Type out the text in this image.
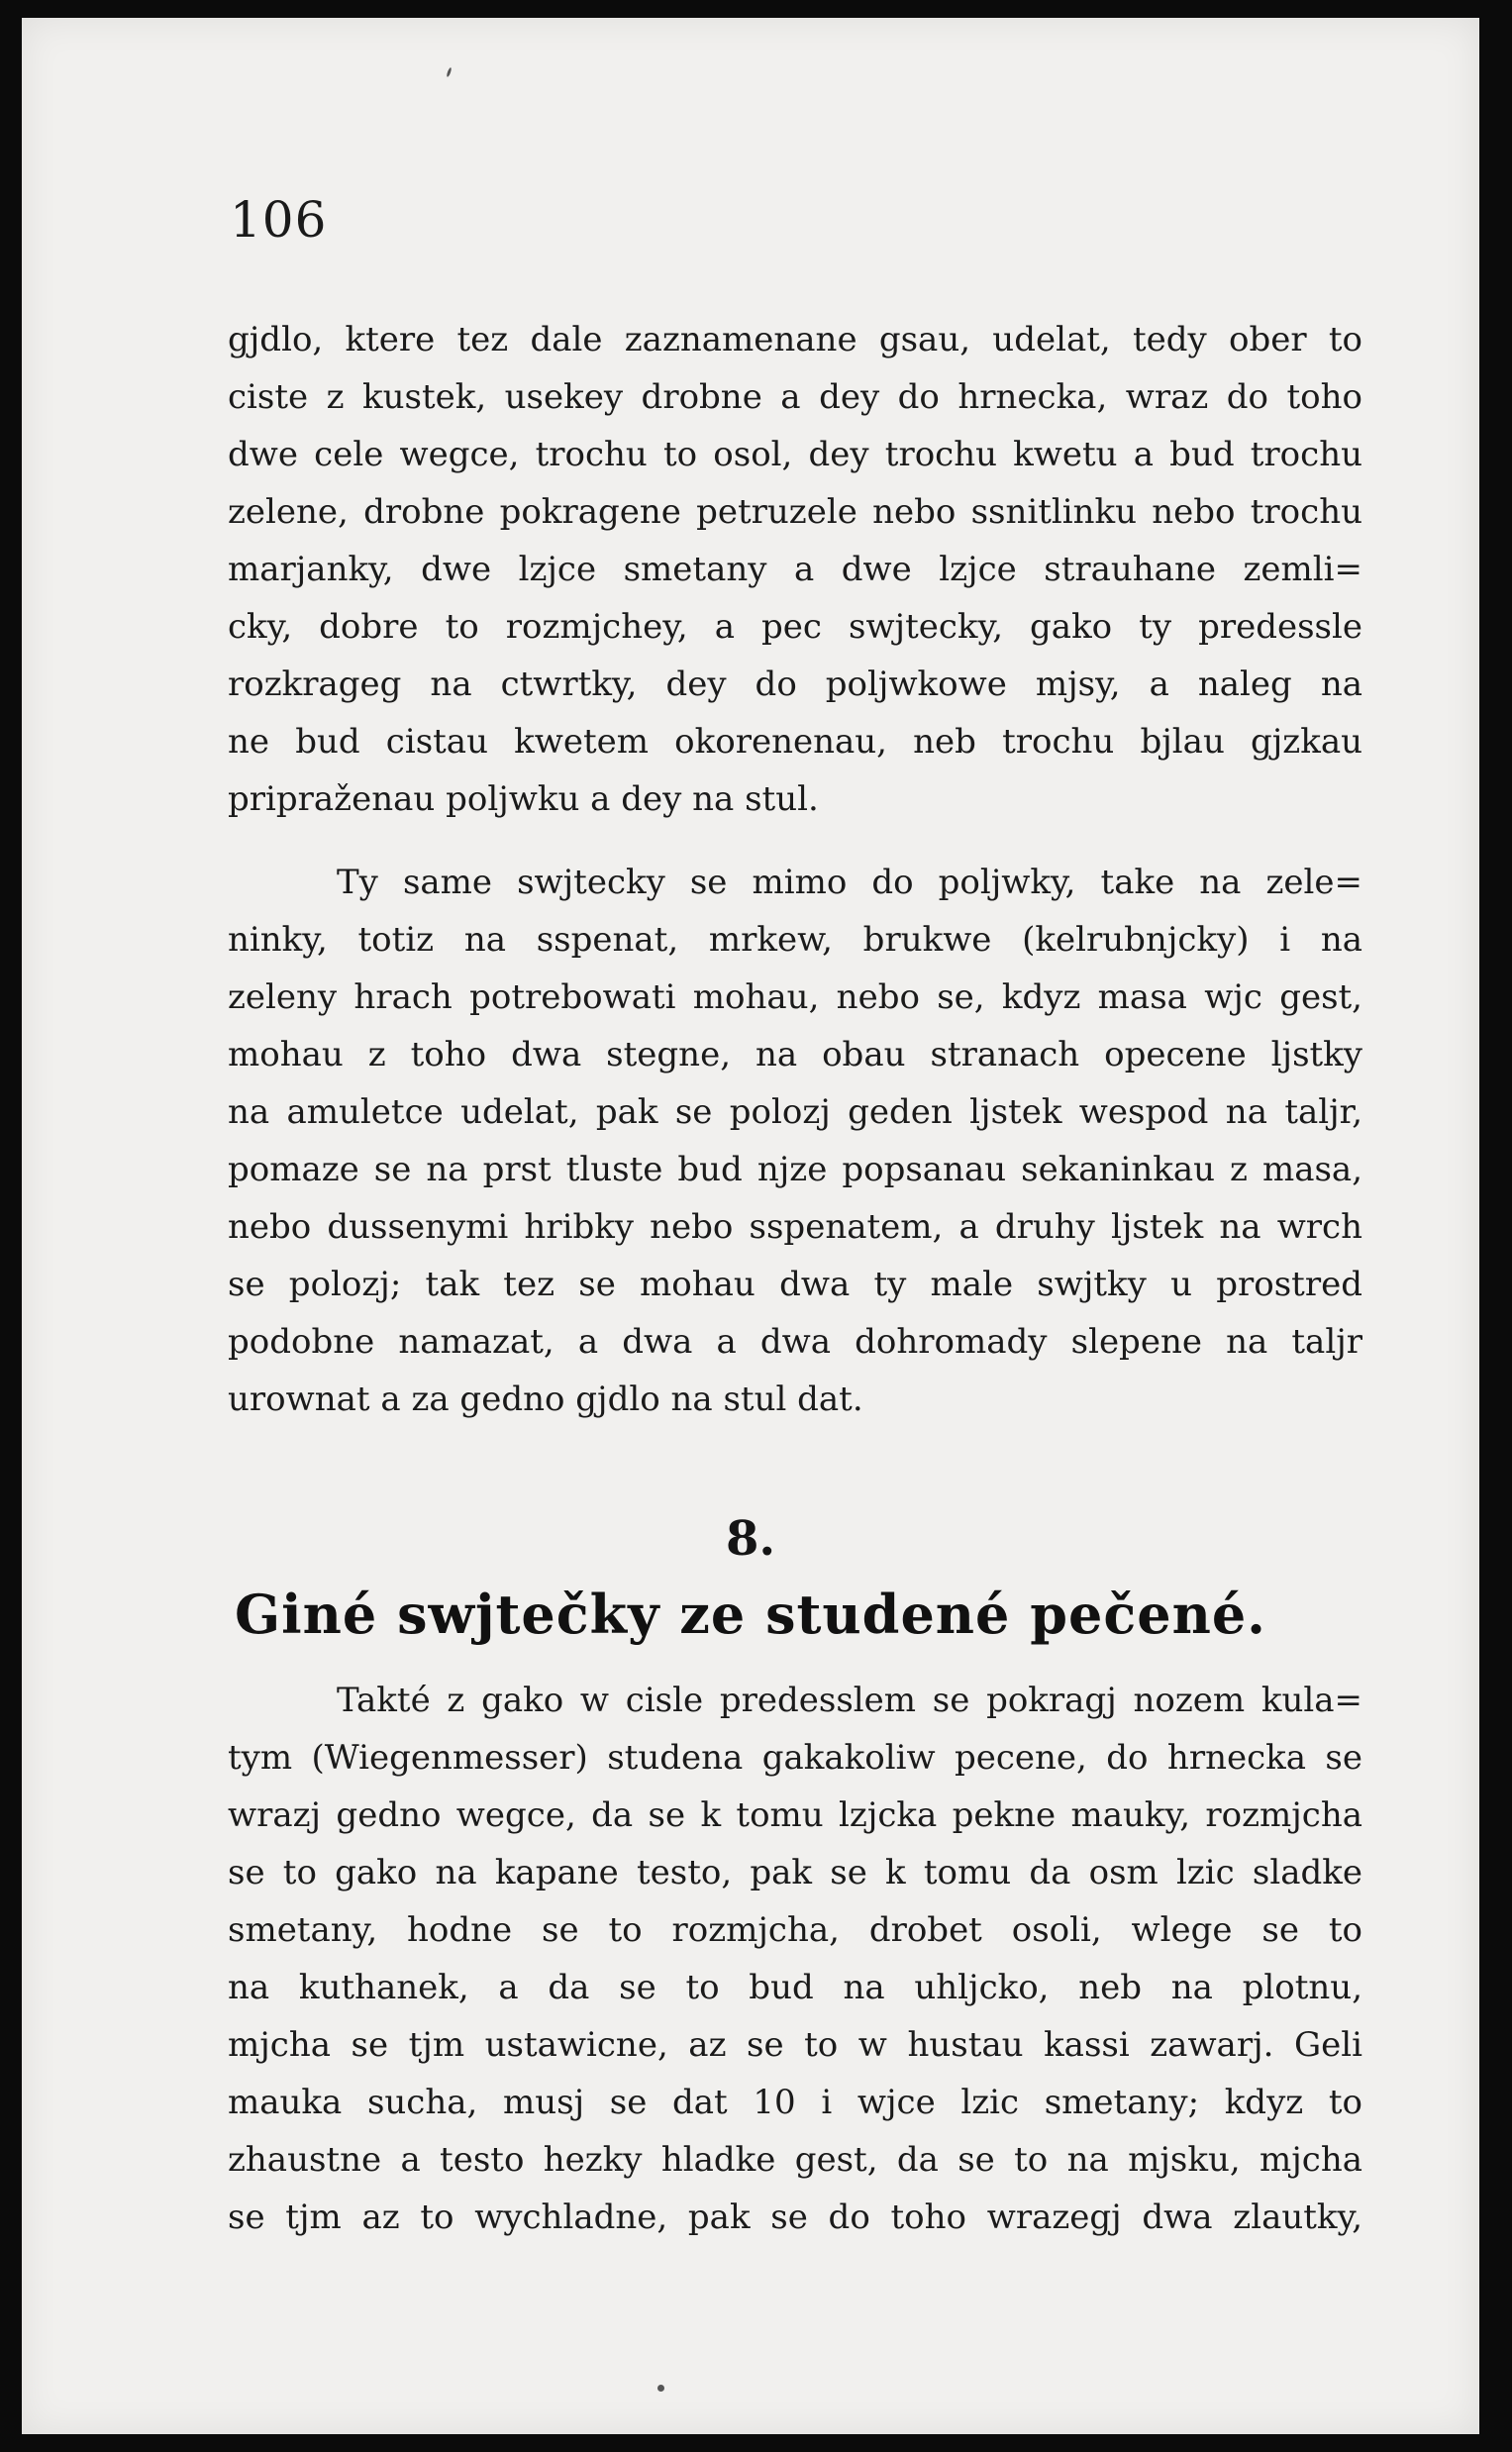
106
gjdlo, ktere tez dale zaznamenane gsau, udelat, tedy ober to
ciste z kustek, usekey drobne a dey do hrnecka, wraz do toho
dwe cele wegce, trochu to osol, dey trochu kwetu a bud trochu
zelene, drobne pokragene petruzele nebo ssnitlinku nebo trochu
marjanky, dwe lzjce smetany a dwe lzjce strauhane zemli=
cky, dobre to rozmjchey, a pec swjtecky, gako ty predessle
rozkrageg na ctwrtky, dey do poljwkowe mjsy, a naleg na
ne bud cistau kwetem okorenenau, neb trochu bjlau gjzkau
pripraženau poljwku a dey na stul.
Ty same swjtecky se mimo do poljwky, take na zele=
ninky, totiz na sspenat, mrkew, brukwe (kelrubnjcky) i na
zeleny hrach potrebowati mohau, nebo se, kdyz masa wjc gest,
mohau z toho dwa stegne, na obau stranach opecene ljstky
na amuletce udelat, pak se polozj geden ljstek wespod na taljr,
pomaze se na prst tluste bud njze popsanau sekaninkau z masa,
nebo dussenymi hribky nebo sspenatem, a druhy ljstek na wrch
se polozj; tak tez se mohau dwa ty male swjtky u prostred
podobne namazat, a dwa a dwa dohromady slepene na taljr
urownat a za gedno gjdlo na stul dat.
8.
Giné swjtečky ze studené pečené.
Takté z gako w cisle predesslem se pokragj nozem kula=
tym (Wiegenmesser) studena gakakoliw pecene, do hrnecka se
wrazj gedno wegce, da se k tomu lzjcka pekne mauky, rozmjcha
se to gako na kapane testo, pak se k tomu da osm lzic sladke
smetany, hodne se to rozmjcha, drobet osoli, wlege se to
na kuthanek, a da se to bud na uhljcko, neb na plotnu,
mjcha se tjm ustawicne, az se to w hustau kassi zawarj. Geli
mauka sucha, musj se dat 10 i wjce lzic smetany; kdyz to
zhaustne a testo hezky hladke gest, da se to na mjsku, mjcha
se tjm az to wychladne, pak se do toho wrazegj dwa zlautky,
